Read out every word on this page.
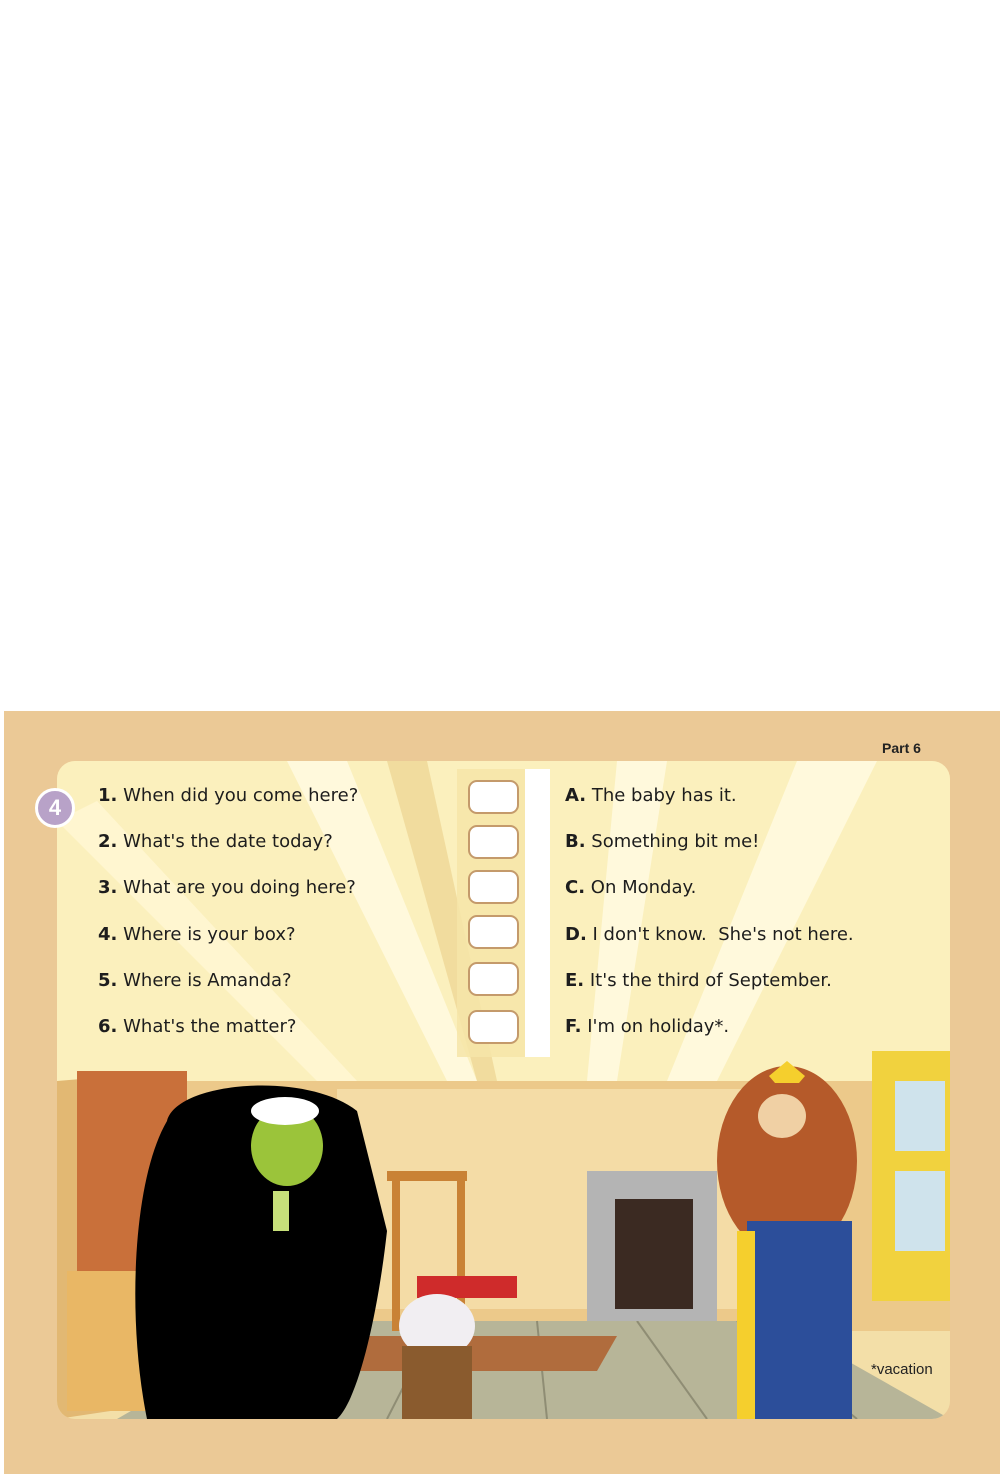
Part 6
4	1. When did you come here?
2. What's the date today?
3. What are you doing here?
4. Where is your box?
5. Where is Amanda?
6. What's the matter?
A. The baby has it.
B. Something bit me!
C. On Monday.
D. I don't know.  She's not here.
E. It's the third of September.
F. I'm on holiday*.
*vacation
